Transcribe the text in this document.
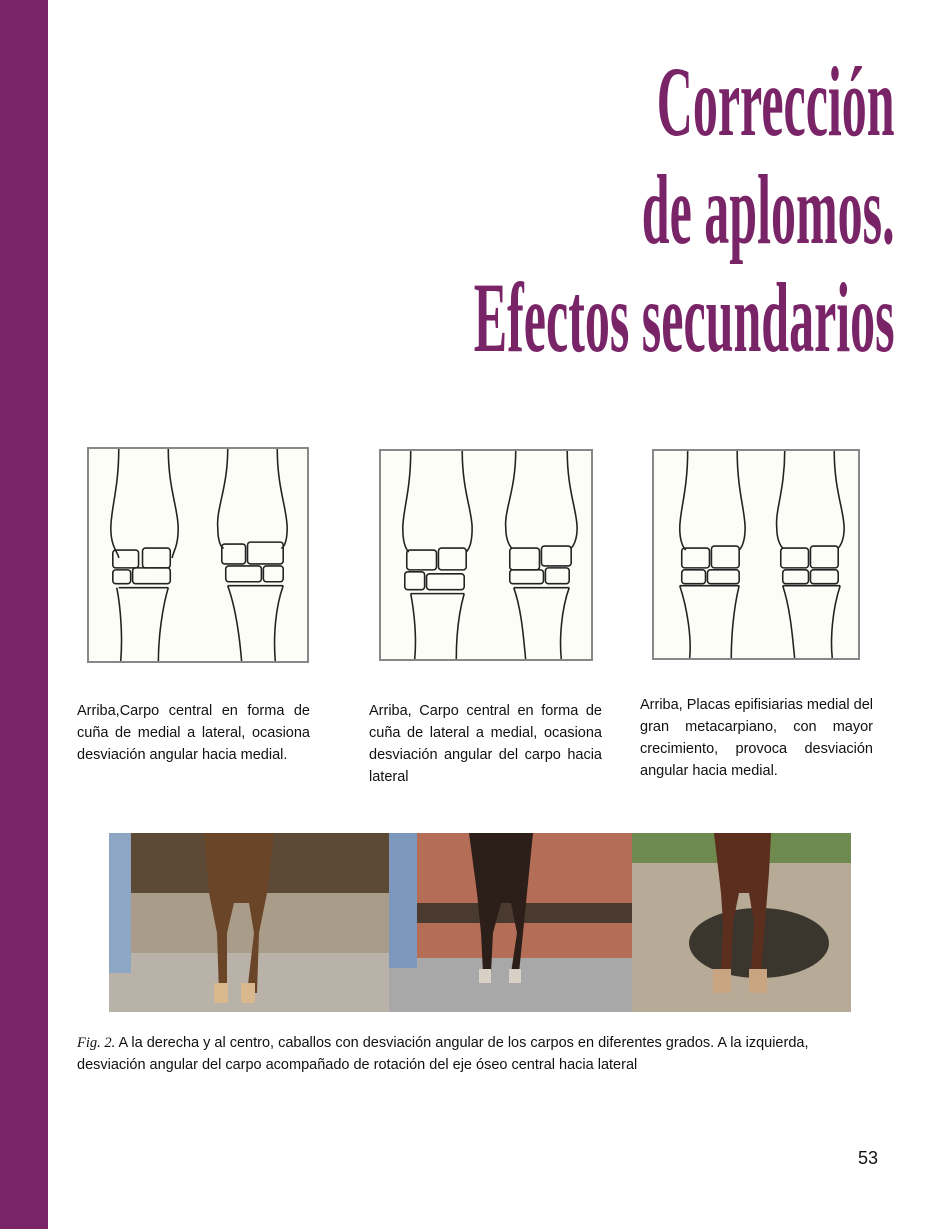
Corrección
de aplomos.
Efectos secundarios
Arriba,Carpo central en forma de cuña de medial a lateral, ocasiona desviación angular hacia medial.
Arriba, Carpo central en forma de cuña de lateral a medial, ocasiona desviación angular del carpo hacia lateral
Arriba, Placas epifisiarias medial del gran metacarpiano, con mayor crecimiento, provoca desviación angular hacia medial.
Fig. 2. A la derecha y al centro, caballos con desviación angular de los carpos en diferentes grados. A la izquierda, desviación angular del carpo acompañado de rotación del eje óseo central hacia lateral
53
